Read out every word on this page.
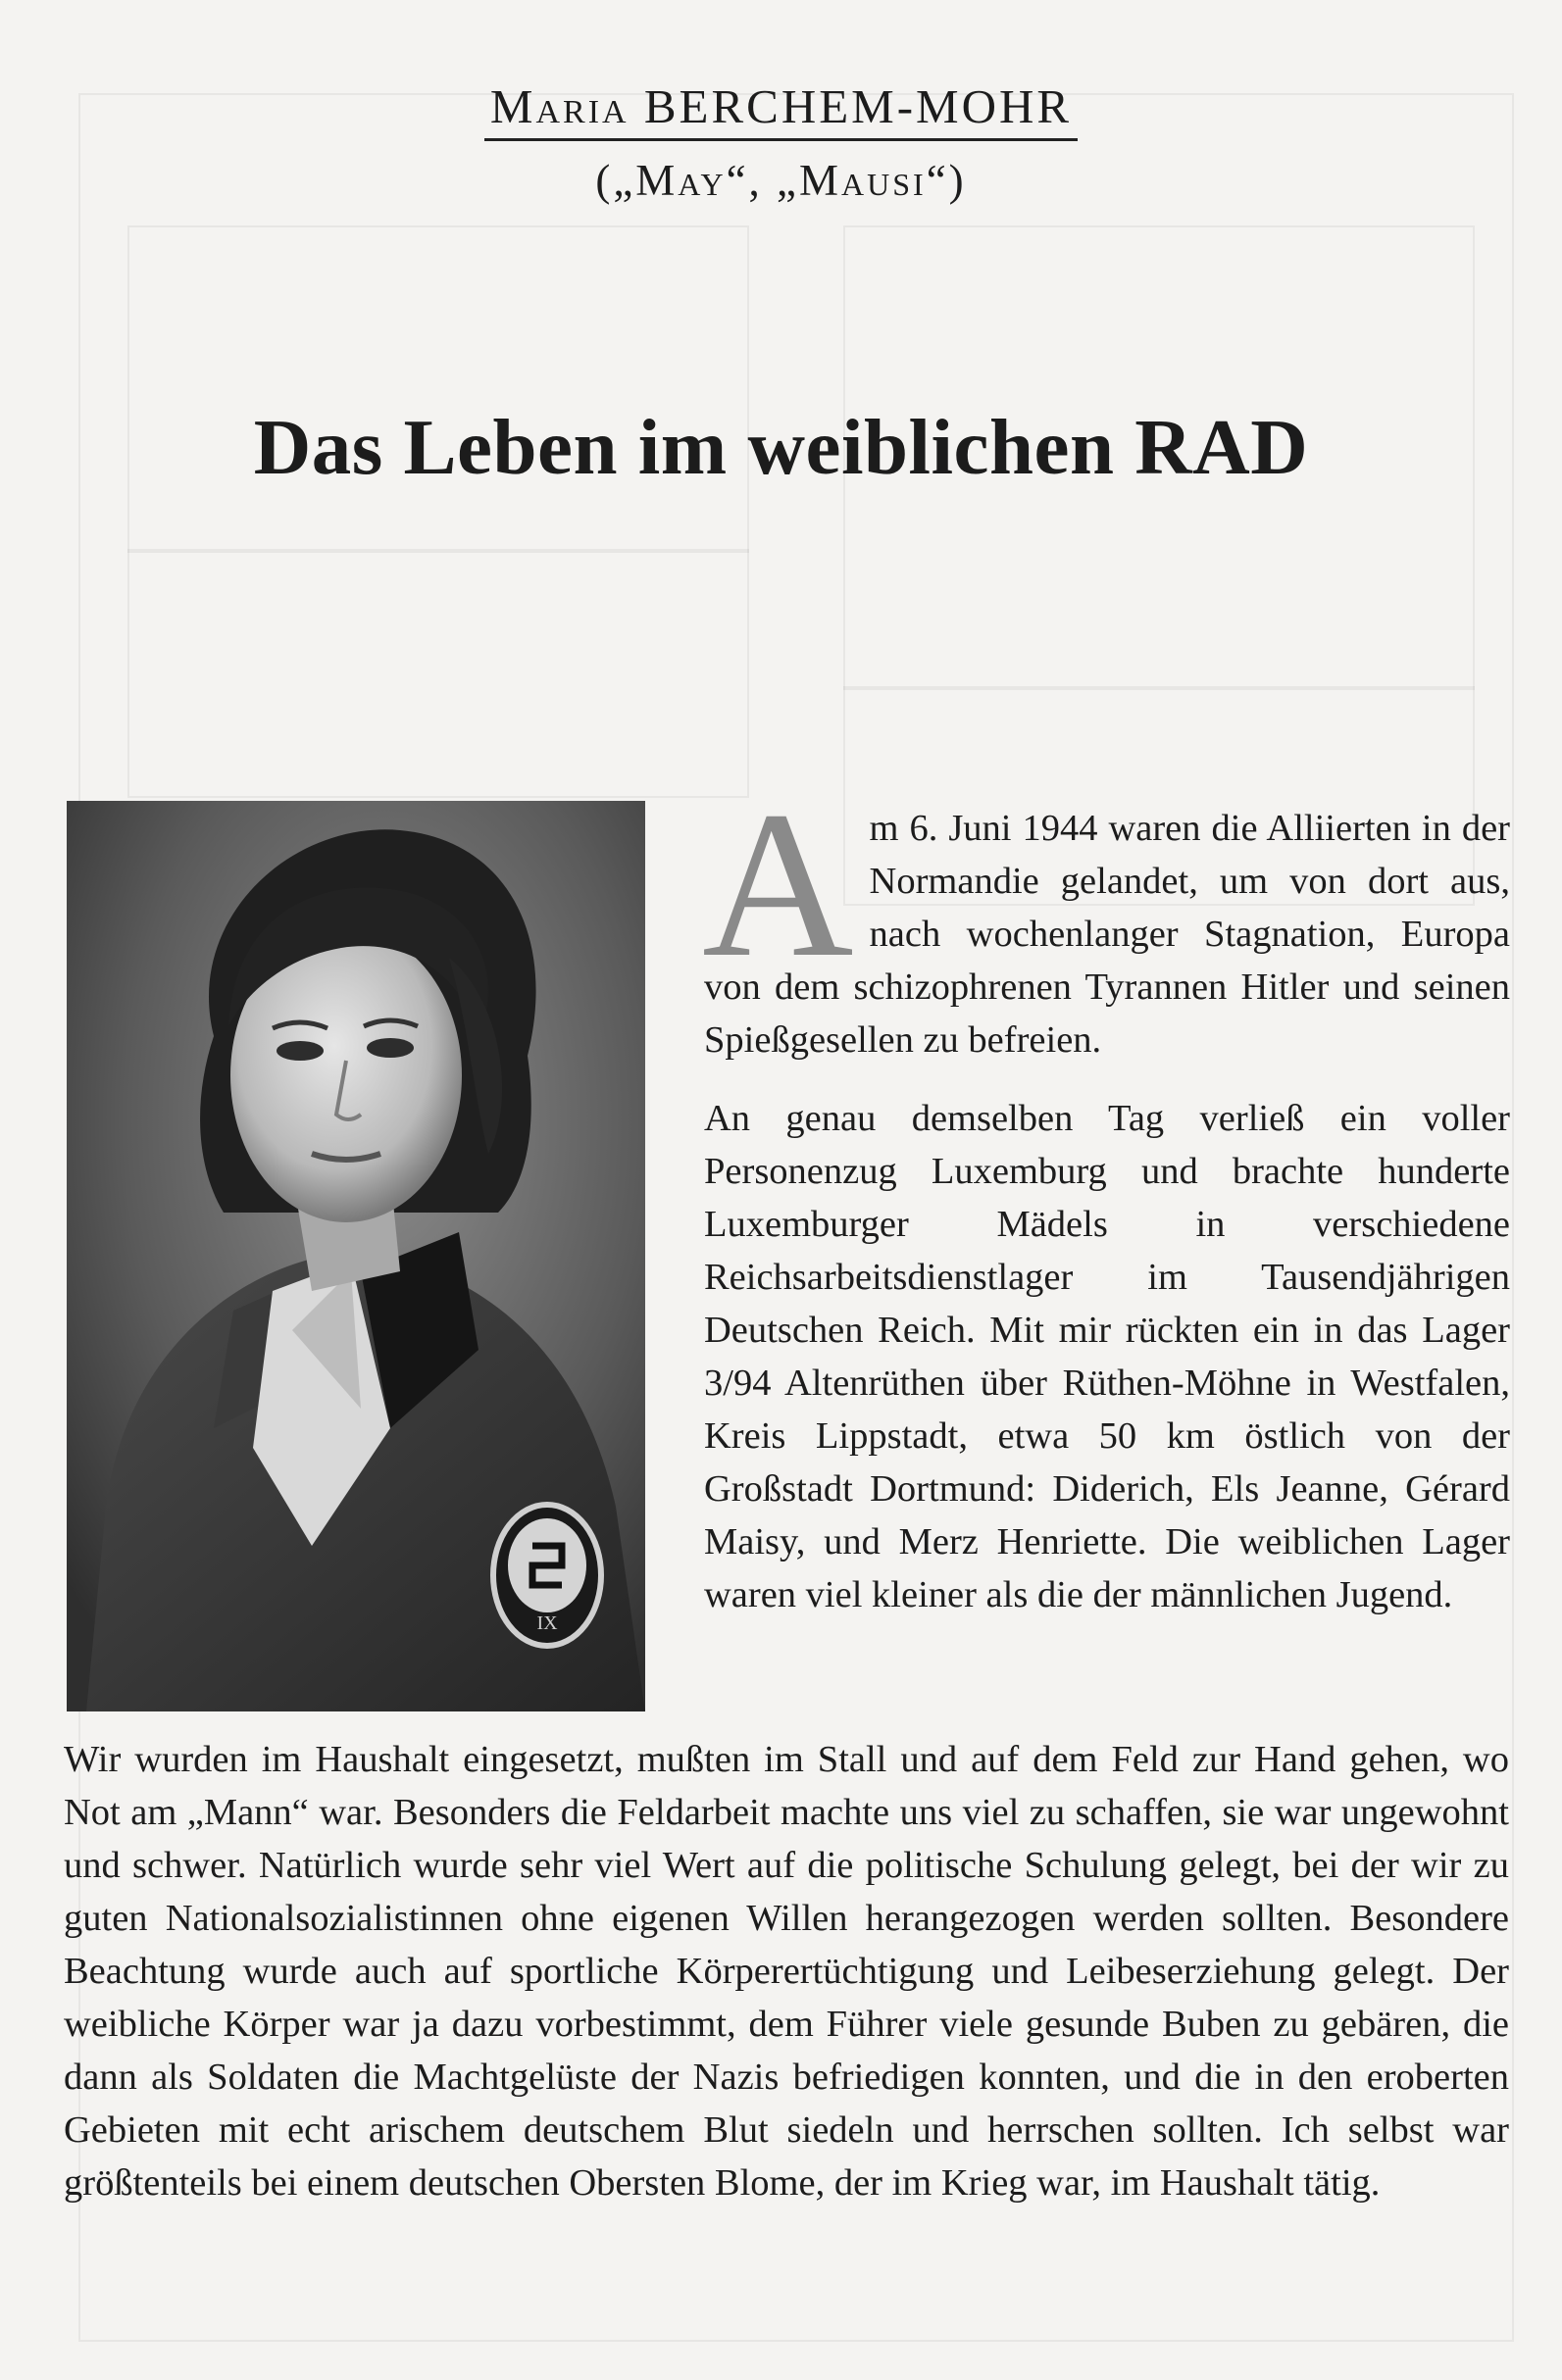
Maria BERCHEM-MOHR
(„May“, „Mausi“)
Das Leben im weiblichen RAD
IX

Am 6. Juni 1944 waren die Alliierten in der Normandie gelandet, um von dort aus, nach wochenlanger Stagnation, Europa von dem schizophrenen Tyrannen Hitler und seinen Spießgesellen zu befreien.

An genau demselben Tag verließ ein voller Personenzug Luxemburg und brachte hunderte Luxemburger Mädels in verschiedene Reichsarbeitsdienstlager im Tausendjährigen Deutschen Reich. Mit mir rückten ein in das Lager 3/94 Altenrüthen über Rüthen-Möhne in Westfalen, Kreis Lippstadt, etwa 50 km östlich von der Großstadt Dortmund: Diderich, Els Jeanne, Gérard Maisy, und Merz Henriette. Die weiblichen Lager waren viel kleiner als die der männlichen Jugend.

Wir wurden im Haushalt eingesetzt, mußten im Stall und auf dem Feld zur Hand gehen, wo Not am „Mann“ war. Besonders die Feldarbeit machte uns viel zu schaffen, sie war ungewohnt und schwer. Natürlich wurde sehr viel Wert auf die politische Schulung gelegt, bei der wir zu guten Nationalsozialistinnen ohne eigenen Willen herangezogen werden sollten. Besondere Beachtung wurde auch auf sportliche Körperertüchtigung und Leibeserziehung gelegt. Der weibliche Körper war ja dazu vorbestimmt, dem Führer viele gesunde Buben zu gebären, die dann als Soldaten die Machtgelüste der Nazis befriedigen konnten, und die in den eroberten Gebieten mit echt arischem deutschem Blut siedeln und herrschen sollten. Ich selbst war größtenteils bei einem deutschen Obersten Blome, der im Krieg war, im Haushalt tätig.
